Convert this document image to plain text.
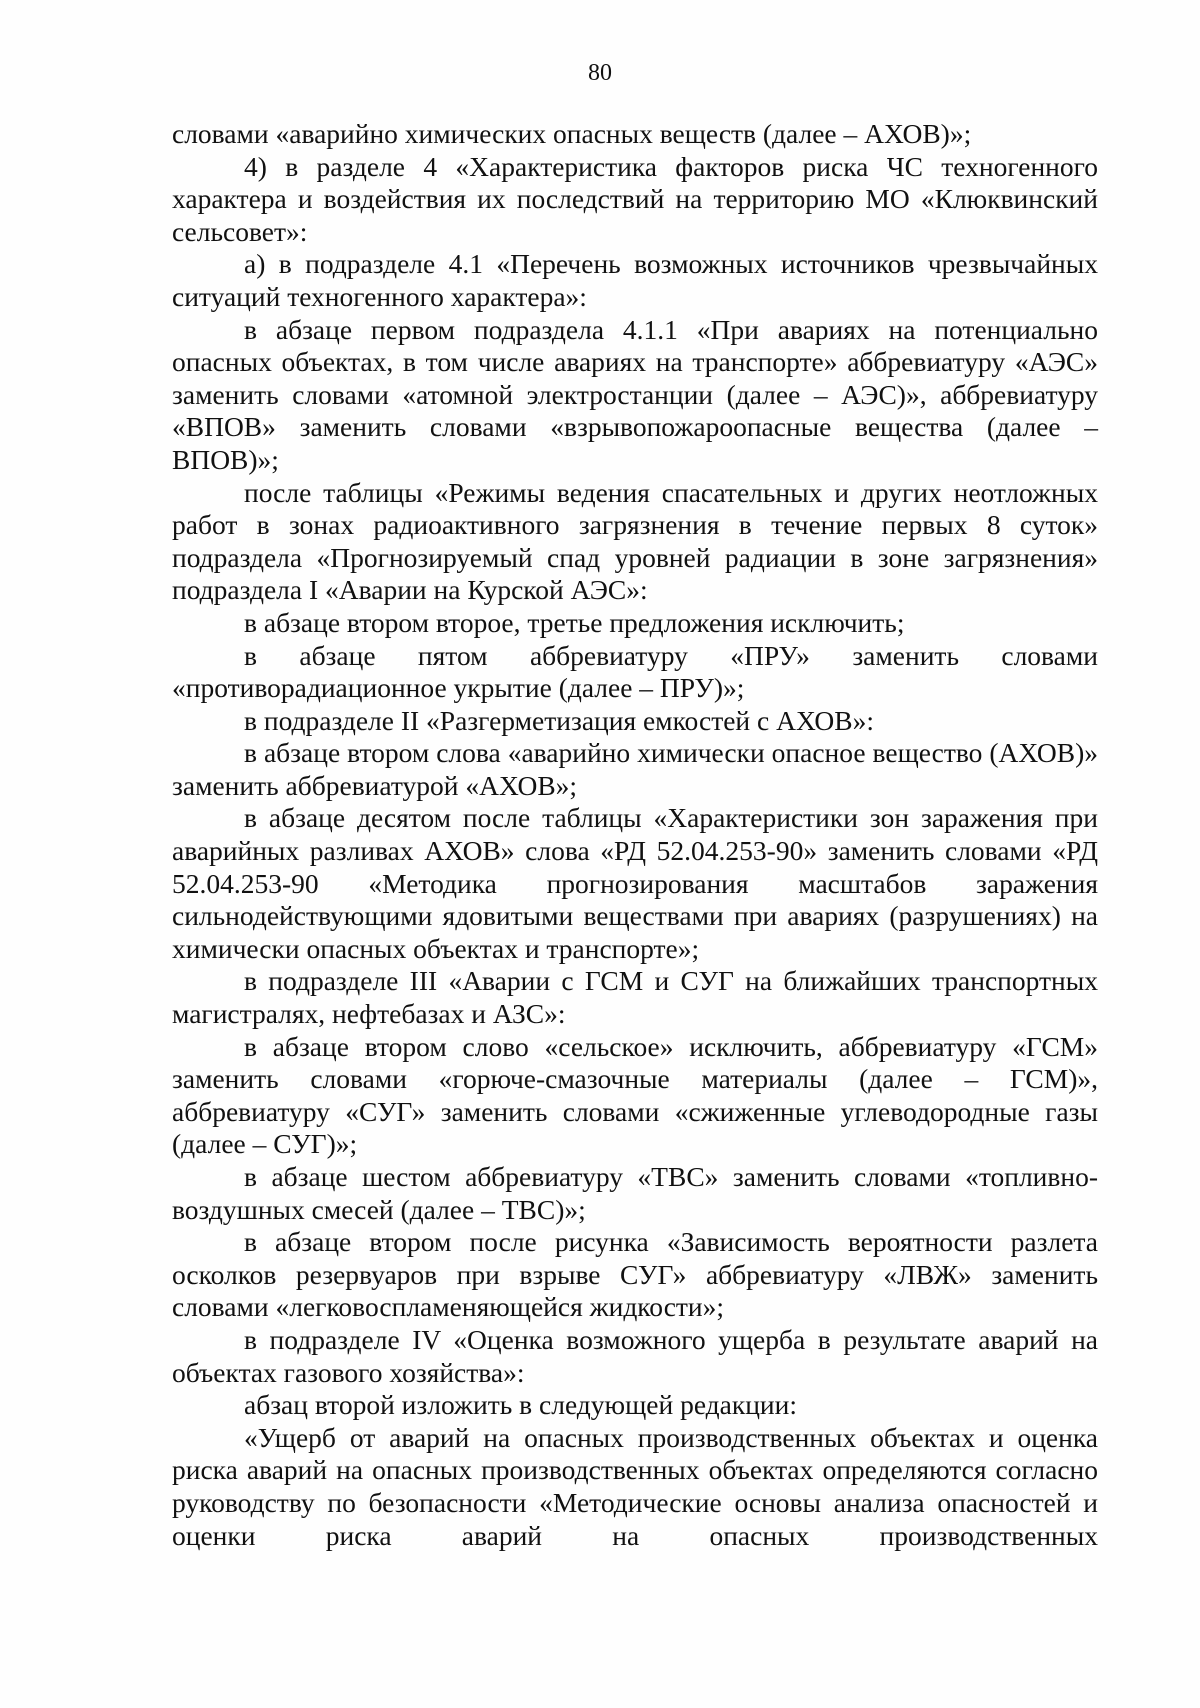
80

словами «аварийно химических опасных веществ (далее – АХОВ)»;

4) в разделе 4 «Характеристика факторов риска ЧС техногенного характера и воздействия их последствий на территорию МО «Клюквинский сельсовет»:

а) в подразделе 4.1 «Перечень возможных источников чрезвычайных ситуаций техногенного характера»:

в абзаце первом подраздела 4.1.1 «При авариях на потенциально опасных объектах, в том числе авариях на транспорте» аббревиатуру «АЭС» заменить словами «атомной электростанции (далее – АЭС)», аббревиатуру «ВПОВ» заменить словами «взрывопожароопасные вещества (далее – ВПОВ)»;

после таблицы «Режимы ведения спасательных и других неотложных работ в зонах радиоактивного загрязнения в течение первых 8 суток» подраздела «Прогнозируемый спад уровней радиации в зоне загрязнения» подраздела I «Аварии на Курской АЭС»:

в абзаце втором второе, третье предложения исключить;

в абзаце пятом аббревиатуру «ПРУ» заменить словами «противорадиационное укрытие (далее – ПРУ)»;

в подразделе II «Разгерметизация емкостей с АХОВ»:

в абзаце втором слова «аварийно химически опасное вещество (АХОВ)» заменить аббревиатурой «АХОВ»;

в абзаце десятом после таблицы «Характеристики зон заражения при аварийных разливах АХОВ» слова «РД 52.04.253-90» заменить словами «РД 52.04.253-90 «Методика прогнозирования масштабов заражения сильнодействующими ядовитыми веществами при авариях (разрушениях) на химически опасных объектах и транспорте»;

в подразделе III «Аварии с ГСМ и СУГ на ближайших транспортных магистралях, нефтебазах и АЗС»:

в абзаце втором слово «сельское» исключить, аббревиатуру «ГСМ» заменить словами «горюче-смазочные материалы (далее – ГСМ)», аббревиатуру «СУГ» заменить словами «сжиженные углеводородные газы (далее – СУГ)»;

в абзаце шестом аббревиатуру «ТВС» заменить словами «топливно-воздушных смесей (далее – ТВС)»;

в абзаце втором после рисунка «Зависимость вероятности разлета осколков резервуаров при взрыве СУГ» аббревиатуру «ЛВЖ» заменить словами «легковоспламеняющейся жидкости»;

в подразделе IV «Оценка возможного ущерба в результате аварий на объектах газового хозяйства»:

абзац второй изложить в следующей редакции:

«Ущерб от аварий на опасных производственных объектах и оценка риска аварий на опасных производственных объектах определяются согласно руководству по безопасности «Методические основы анализа опасностей и оценки риска аварий на опасных производственных
